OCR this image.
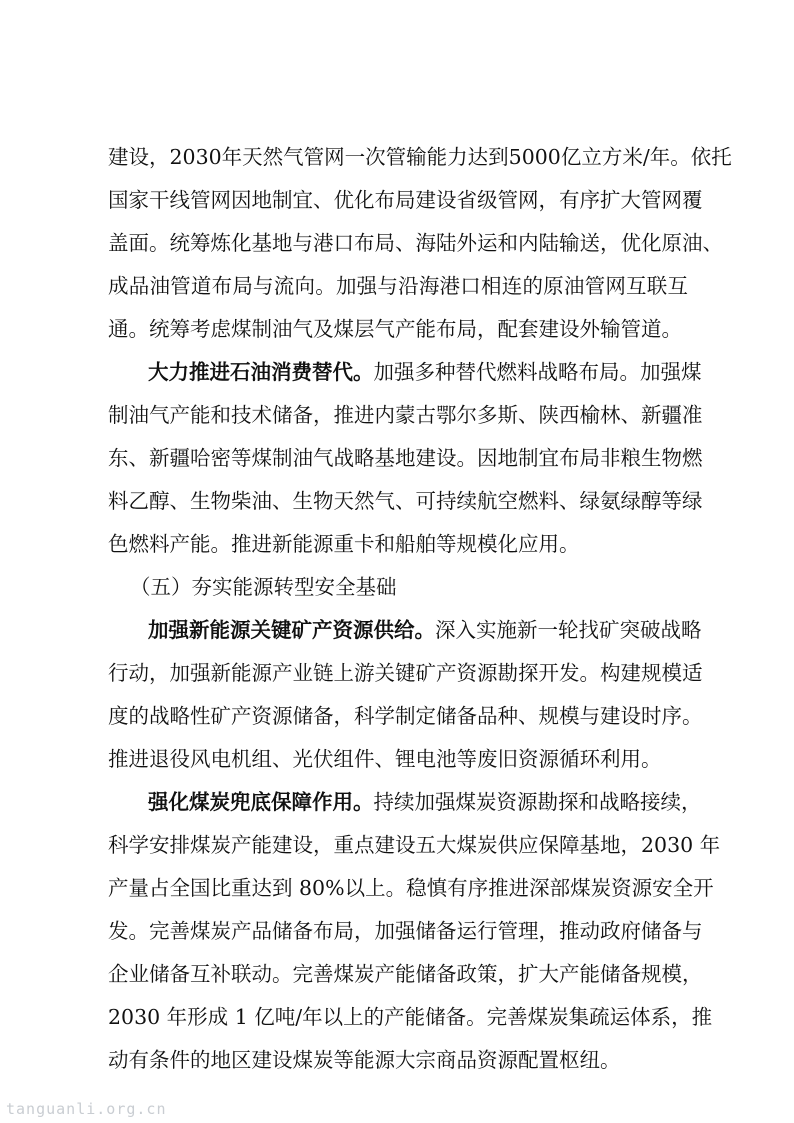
建设，2030年天然气管网一次管输能力达到5000亿立方米/年。依托
国家干线管网因地制宜、优化布局建设省级管网，有序扩大管网覆
盖面。统筹炼化基地与港口布局、海陆外运和内陆输送，优化原油、
成品油管道布局与流向。加强与沿海港口相连的原油管网互联互
通。统筹考虑煤制油气及煤层气产能布局，配套建设外输管道。
大力推进石油消费替代。加强多种替代燃料战略布局。加强煤
制油气产能和技术储备，推进内蒙古鄂尔多斯、陕西榆林、新疆准
东、新疆哈密等煤制油气战略基地建设。因地制宜布局非粮生物燃
料乙醇、生物柴油、生物天然气、可持续航空燃料、绿氨绿醇等绿
色燃料产能。推进新能源重卡和船舶等规模化应用。
（五）夯实能源转型安全基础
加强新能源关键矿产资源供给。深入实施新一轮找矿突破战略
行动，加强新能源产业链上游关键矿产资源勘探开发。构建规模适
度的战略性矿产资源储备，科学制定储备品种、规模与建设时序。
推进退役风电机组、光伏组件、锂电池等废旧资源循环利用。
强化煤炭兜底保障作用。持续加强煤炭资源勘探和战略接续，
科学安排煤炭产能建设，重点建设五大煤炭供应保障基地，2030 年
产量占全国比重达到 80%以上。稳慎有序推进深部煤炭资源安全开
发。完善煤炭产品储备布局，加强储备运行管理，推动政府储备与
企业储备互补联动。完善煤炭产能储备政策，扩大产能储备规模，
2030 年形成 1 亿吨/年以上的产能储备。完善煤炭集疏运体系，推
动有条件的地区建设煤炭等能源大宗商品资源配置枢纽。
tanguanli.org.cn
